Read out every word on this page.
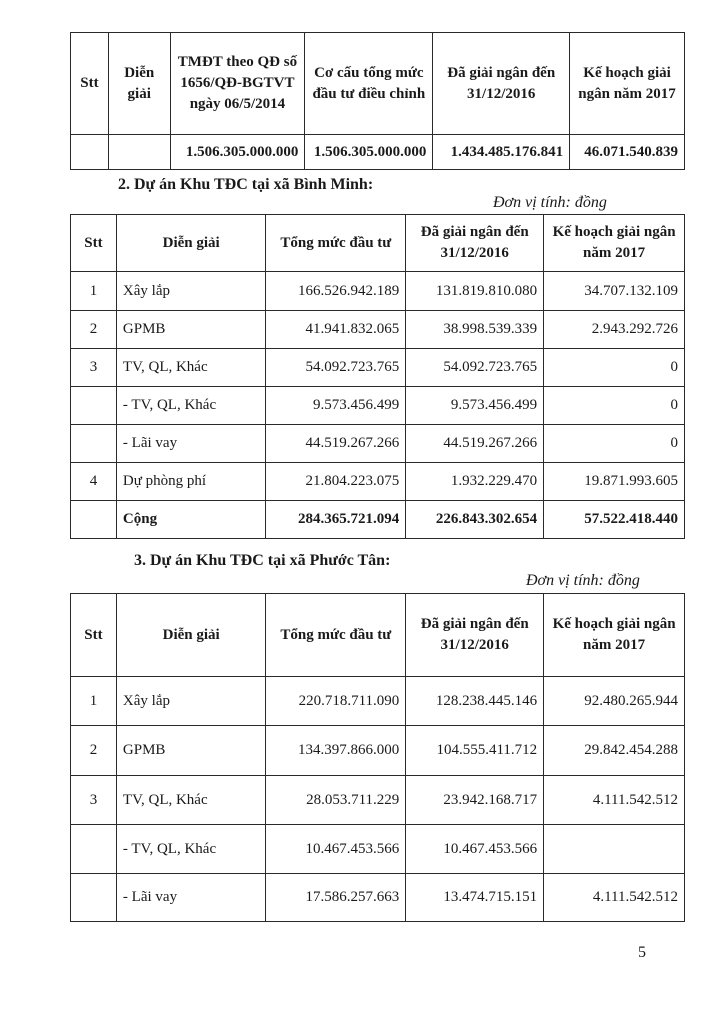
Stt	Diễn giải	TMĐT theo QĐ số 1656/QĐ-BGTVT ngày 06/5/2014	Cơ cấu tổng mức đầu tư điều chỉnh	Đã giải ngân đến 31/12/2016	Kế hoạch giải ngân năm 2017
		1.506.305.000.000	1.506.305.000.000	1.434.485.176.841	46.071.540.839
2. Dự án Khu TĐC tại xã Bình Minh:
Đơn vị tính: đồng
Stt	Diễn giải	Tổng mức đầu tư	Đã giải ngân đến 31/12/2016	Kế hoạch giải ngân năm 2017
1	Xây lắp	166.526.942.189	131.819.810.080	34.707.132.109
2	GPMB	41.941.832.065	38.998.539.339	2.943.292.726
3	TV, QL, Khác	54.092.723.765	54.092.723.765	0
	- TV, QL, Khác	9.573.456.499	9.573.456.499	0
	- Lãi vay	44.519.267.266	44.519.267.266	0
4	Dự phòng phí	21.804.223.075	1.932.229.470	19.871.993.605
	Cộng	284.365.721.094	226.843.302.654	57.522.418.440
3. Dự án Khu TĐC tại xã Phước Tân:
Đơn vị tính: đồng
Stt	Diễn giải	Tổng mức đầu tư	Đã giải ngân đến 31/12/2016	Kế hoạch giải ngân năm 2017
1	Xây lắp	220.718.711.090	128.238.445.146	92.480.265.944
2	GPMB	134.397.866.000	104.555.411.712	29.842.454.288
3	TV, QL, Khác	28.053.711.229	23.942.168.717	4.111.542.512
	- TV, QL, Khác	10.467.453.566	10.467.453.566	
	- Lãi vay	17.586.257.663	13.474.715.151	4.111.542.512
5
